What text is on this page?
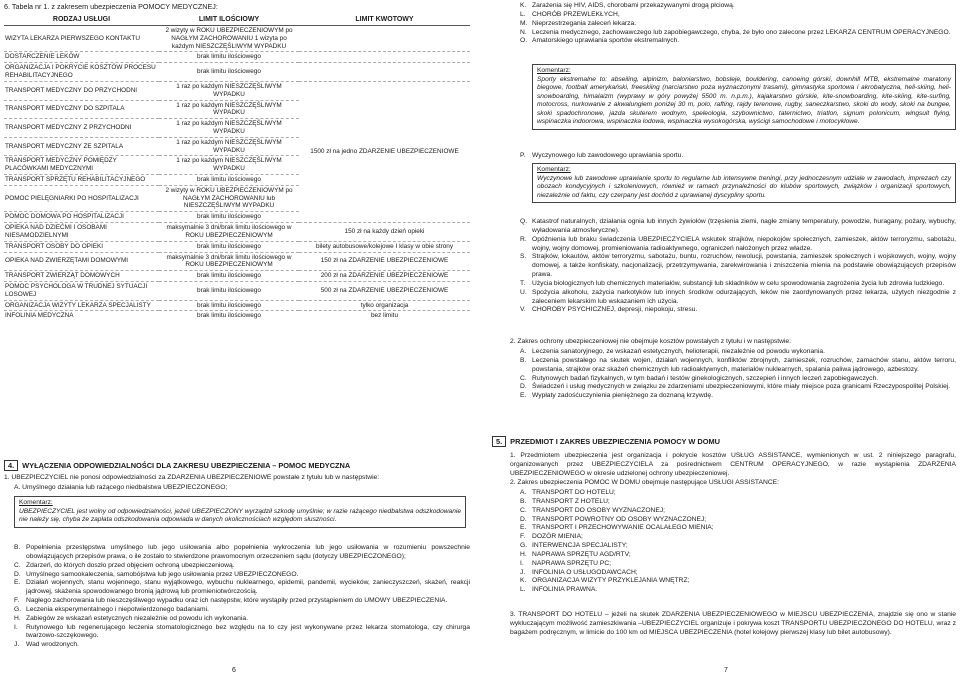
6. Tabela nr 1. z zakresem ubezpieczenia POMOCY MEDYCZNEJ:
RODZAJ USŁUGI	LIMIT ILOŚCIOWY	LIMIT KWOTOWY
WIZYTA LEKARZA PIERWSZEGO KONTAKTU	2 wizyty w ROKU UBEZPIECZENIOWYM po NAGŁYM ZACHOROWANIU 1 wizyta po każdym NIESZCZĘŚLIWYM WYPADKU	
DOSTARCZENIE LEKÓW	brak limitu ilościowego	
ORGANIZACJA I POKRYCIE KOSZTÓW PROCESU REHABILITACYJNEGO	brak limitu ilościowego	
TRANSPORT MEDYCZNY DO PRZYCHODNI	1 raz po każdym NIESZCZĘŚLIWYM WYPADKU	1500 zł na jedno ZDARZENIE UBEZPIECZENIOWE
TRANSPORT MEDYCZNY DO SZPITALA	1 raz po każdym NIESZCZĘŚLIWYM WYPADKU	
TRANSPORT MEDYCZNY Z PRZYCHODNI	1 raz po każdym NIESZCZĘŚLIWYM WYPADKU	
TRANSPORT MEDYCZNY ZE SZPITALA	1 raz po każdym NIESZCZĘŚLIWYM WYPADKU	
TRANSPORT MEDYCZNY POMIĘDZY PLACÓWKAMI MEDYCZNYMI	1 raz po każdym NIESZCZĘŚLIWYM WYPADKU	
TRANSPORT SPRZĘTU REHABILITACYJNEGO	brak limitu ilościowego	
POMOC PIELĘGNIARKI PO HOSPITALIZACJI	2 wizyty w ROKU UBEZPIECZENIOWYM po NAGŁYM ZACHOROWANIU lub NIESZCZĘŚLIWYM WYPADKU	
POMOC DOMOWA PO HOSPITALIZACJI	brak limitu ilościowego	
OPIEKA NAD DZIEĆMI I OSOBAMI NIESAMODZIELNYMI	maksymalnie 3 dni/brak limitu ilościowego w ROKU UBEZPIECZENIOWYM	150 zł na każdy dzień opieki
TRANSPORT OSOBY DO OPIEKI	brak limitu ilościowego	bilety autobusowe/kolejowe I klasy w obie strony
OPIEKA NAD ZWIERZĘTAMI DOMOWYMI	maksymalnie 3 dni/brak limitu ilościowego w ROKU UBEZPIECZENIOWYM	150 zł na ZDARZENIE UBEZPIECZENIOWE
TRANSPORT ZWIERZĄT DOMOWYCH	brak limitu ilościowego	200 zł na ZDARZENIE UBEZPIECZENIOWE
POMOC PSYCHOLOGA W TRUDNEJ SYTUACJI LOSOWEJ	brak limitu ilościowego	500 zł na ZDARZENIE UBEZPIECZENIOWE
ORGANIZACJA WIZYTY LEKARZA SPECJALISTY	brak limitu ilościowego	tylko organizacja
INFOLINIA MEDYCZNA	brak limitu ilościowego	bez limitu
4. WYŁĄCZENIA ODPOWIEDZIALNOŚCI DLA ZAKRESU UBEZPIECZENIA – POMOC MEDYCZNA
1. UBEZPIECZYCIEL nie ponosi odpowiedzialności za ZDARZENIA UBEZPIECZENIOWE powstałe z tytułu lub w następstwie:
A. Umyślnego działania lub rażącego niedbalstwa UBEZPIECZONEGO;
Komentarz:
UBEZPIECZYCIEL jest wolny od odpowiedzialności, jeżeli UBEZPIECZONY wyrządził szkodę umyślnie; w razie rażącego niedbalstwa odszkodowanie nie należy się, chyba że zapłata odszkodowania odpowiada w danych okolicznościach względom słuszności.
B. Popełnienia przestępstwa umyślnego lub jego usiłowania albo popełnienia wykroczenia lub jego usiłowania w rozumieniu powszechnie obowiązujących przepisów prawa, o ile zostało to stwierdzone prawomocnym orzeczeniem sądu (dotyczy UBEZPIECZONEGO);
C. Zdarzeń, do których doszło przed objęciem ochroną ubezpieczeniową.
D. Umyślnego samookaleczenia, samobójstwa lub jego usiłowania przez UBEZPIECZONEGO.
E. Działań wojennych, stanu wojennego, stanu wyjątkowego, wybuchu nuklearnego, epidemii, pandemii, wycieków, zanieczyszczeń, skażeń, reakcji jądrowej, skażenia spowodowanego bronią jądrową lub promieniotwórczością.
F.	Nagłego zachorowania lub nieszczęśliwego wypadku oraz ich następstw, które wystąpiły przed przystąpieniem do UMOWY UBEZPIECZENIA.
G. Leczenia eksperymentalnego i niepotwierdzonego badaniami.
H. Zabiegów ze wskazań estetycznych niezależnie od powodu ich wykonania.
I.	Rutynowego lub regenerującego leczenia stomatologicznego bez względu na to czy jest wykonywane przez lekarza stomatologa, czy chirurga twarzowo-szczękowego.
J.	Wad wrodzonych.
6
K. Zarażenia się HIV, AIDS, chorobami przekazywanymi drogą płciową.
L. CHORÓB PRZEWLEKŁYCH,
M. Nieprzestrzegania zaleceń lekarza.
N. Leczenia medycznego, zachowawczego lub zapobiegawczego, chyba, że było ono zalecone przez LEKARZA CENTRUM OPERACYJNEGO.
O. Amatorskiego uprawiania sportów ekstremalnych.
Komentarz:
Sporty ekstremalne to: abseiling, alpinizm, baloniarstwo, bobsleje, bouldering, canoeing górski, downhill MTB, ekstremalne maratony biegowe, football amerykański, freeskiing (narciarstwo poza wyznaczonymi trasami), gimnastyka sportowa i akrobatyczna, heli-skiing, heli-snowboarding, himalaizm (wyprawy w góry powyżej 5500 m. n.p.m.), kajakarstwo górskie, kite-snowboarding, kite-skiing, kite-surfing, motocross, nurkowanie z akwalungiem poniżej 30 m, polo, rafting, rajdy terenowe, rugby, saneczkarstwo, skoki do wody, skoki na bungee, skoki spadochronowe, jazda skuterem wodnym, speleologia, szybownictwo, taternictwo, triatlon, signum polonicum, wingsuit flying, wspinaczka indoorowa, wspinaczka lodowa, wspinaczka wysokogórska, wyścigi samochodowe i motocyklowe.
P. Wyczynowego lub zawodowego uprawiania sportu.
Komentarz:
Wyczynowe lub zawodowe uprawianie sportu to regularne lub intensywne treningi, przy jednoczesnym udziale w zawodach, imprezach czy obozach kondycyjnych i szkoleniowych, również w ramach przynależności do klubów sportowych, związków i organizacji sportowych, niezależnie od faktu, czy czerpany jest dochód z uprawianej dyscypliny sportu.
Q. Katastrof naturalnych, działania ognia lub innych żywiołów (trzęsienia ziemi, nagłe zmiany temperatury, powodzie, huragany, pożary, wybuchy, wyładowania atmosferyczne).
R. Opóźnienia lub braku świadczenia UBEZPIECZYCIELA wskutek strajków, niepokojów społecznych, zamieszek, aktów terroryzmu, sabotażu, wojny, wojny domowej, promieniowania radioaktywnego, ograniczeń nałożonych przez władze.
S. Strajków, lokautów, aktów terroryzmu, sabotażu, buntu, rozruchów, rewolucji, powstania, zamieszek społecznych i wojskowych, wojny, wojny domowej, a także konfiskaty, nacjonalizacji, przetrzymywania, zarekwirowania i zniszczenia mienia na podstawie obowiązujących przepisów prawa.
T.	Użycia biologicznych lub chemicznych materiałów, substancji lub składników w celu spowodowania zagrożenia życia lub zdrowia ludzkiego.
U. Spożycia alkoholu, zażycia narkotyków lub innych środków odurzających, leków nie zaordynowanych przez lekarza, użytych niezgodnie z zaleceniem lekarskim lub wskazaniem ich użycia.
V. CHOROBY PSYCHICZNEJ, depresji, niepokoju, stresu.
2. Zakres ochrony ubezpieczeniowej nie obejmuje kosztów powstałych z tytułu i w następstwie:
A. Leczenia sanatoryjnego, ze wskazań estetycznych, helioterapii, niezależnie od powodu wykonania.
B. Leczenia powstałego na skutek wojen, działań wojennych, konfliktów zbrojnych, zamieszek, rozruchów, zamachów stanu, aktów terroru, powstania, strajków oraz skażeń chemicznych lub radioaktywnych, materiałów nuklearnych, spalania paliwa jądrowego, azbestozy.
C. Rutynowych badań fizykalnych, w tym badań i testów ginekologicznych, szczepień i innych leczeń zapobiegawczych.
D. Świadczeń i usług medycznych w związku ze zdarzeniami ubezpieczeniowymi, które miały miejsce poza granicami Rzeczypospolitej Polskiej.
E. Wypłaty zadośćuczynienia pieniężnego za doznaną krzywdę.
5. PRZEDMIOT I ZAKRES UBEZPIECZENIA POMOCY W DOMU
1. Przedmiotem ubezpieczenia jest organizacja i pokrycie kosztów USŁUG ASSISTANCE, wymienionych w ust. 2 niniejszego paragrafu, organizowanych przez UBEZPIECZYCIELA za pośrednictwem CENTRUM OPERACYJNEGO, w razie wystąpienia ZDARZENIA UBEZPIECZENIOWEGO w okresie udzielonej ochrony ubezpieczeniowej.
2. Zakres ubezpieczenia POMOC W DOMU obejmuje następujące USŁUGI ASSISTANCE:
A. TRANSPORT DO HOTELU;
B. TRANSPORT Z HOTELU;
C. TRANSPORT DO OSOBY WYZNACZONEJ;
D. TRANSPORT POWROTNY OD OSOBY WYZNACZONEJ;
E. TRANSPORT I PRZECHOWYWANIE OCALAŁEGO MIENIA;
F.	DOZÓR MIENIA;
G. INTERWENCJA SPECJALISTY;
H. NAPRAWA SPRZĘTU AGD/RTV;
I.	NAPRAWA SPRZĘTU PC;
J.	INFOLINIA O USŁUGODAWCACH;
K. ORGANIZACJA WIZYTY PRZYKLEJANIA WNĘTRZ;
L. INFOLINIA PRAWNA.
3. TRANSPORT DO HOTELU – jeżeli na skutek ZDARZENIA UBEZPIECZENIOWEGO w MIEJSCU UBEZPIECZENIA, znajdzie się ono w stanie wykluczającym możliwość zamieszkiwania –UBEZPIECZYCIEL organizuje i pokrywa koszt TRANSPORTU UBEZPIECZONEGO DO HOTELU, wraz z bagażem podręcznym, w limicie do 100 km od MIEJSCA UBEZPIECZENIA (hotel kolejowy pierwszej klasy lub bilet autobusowy).
7
